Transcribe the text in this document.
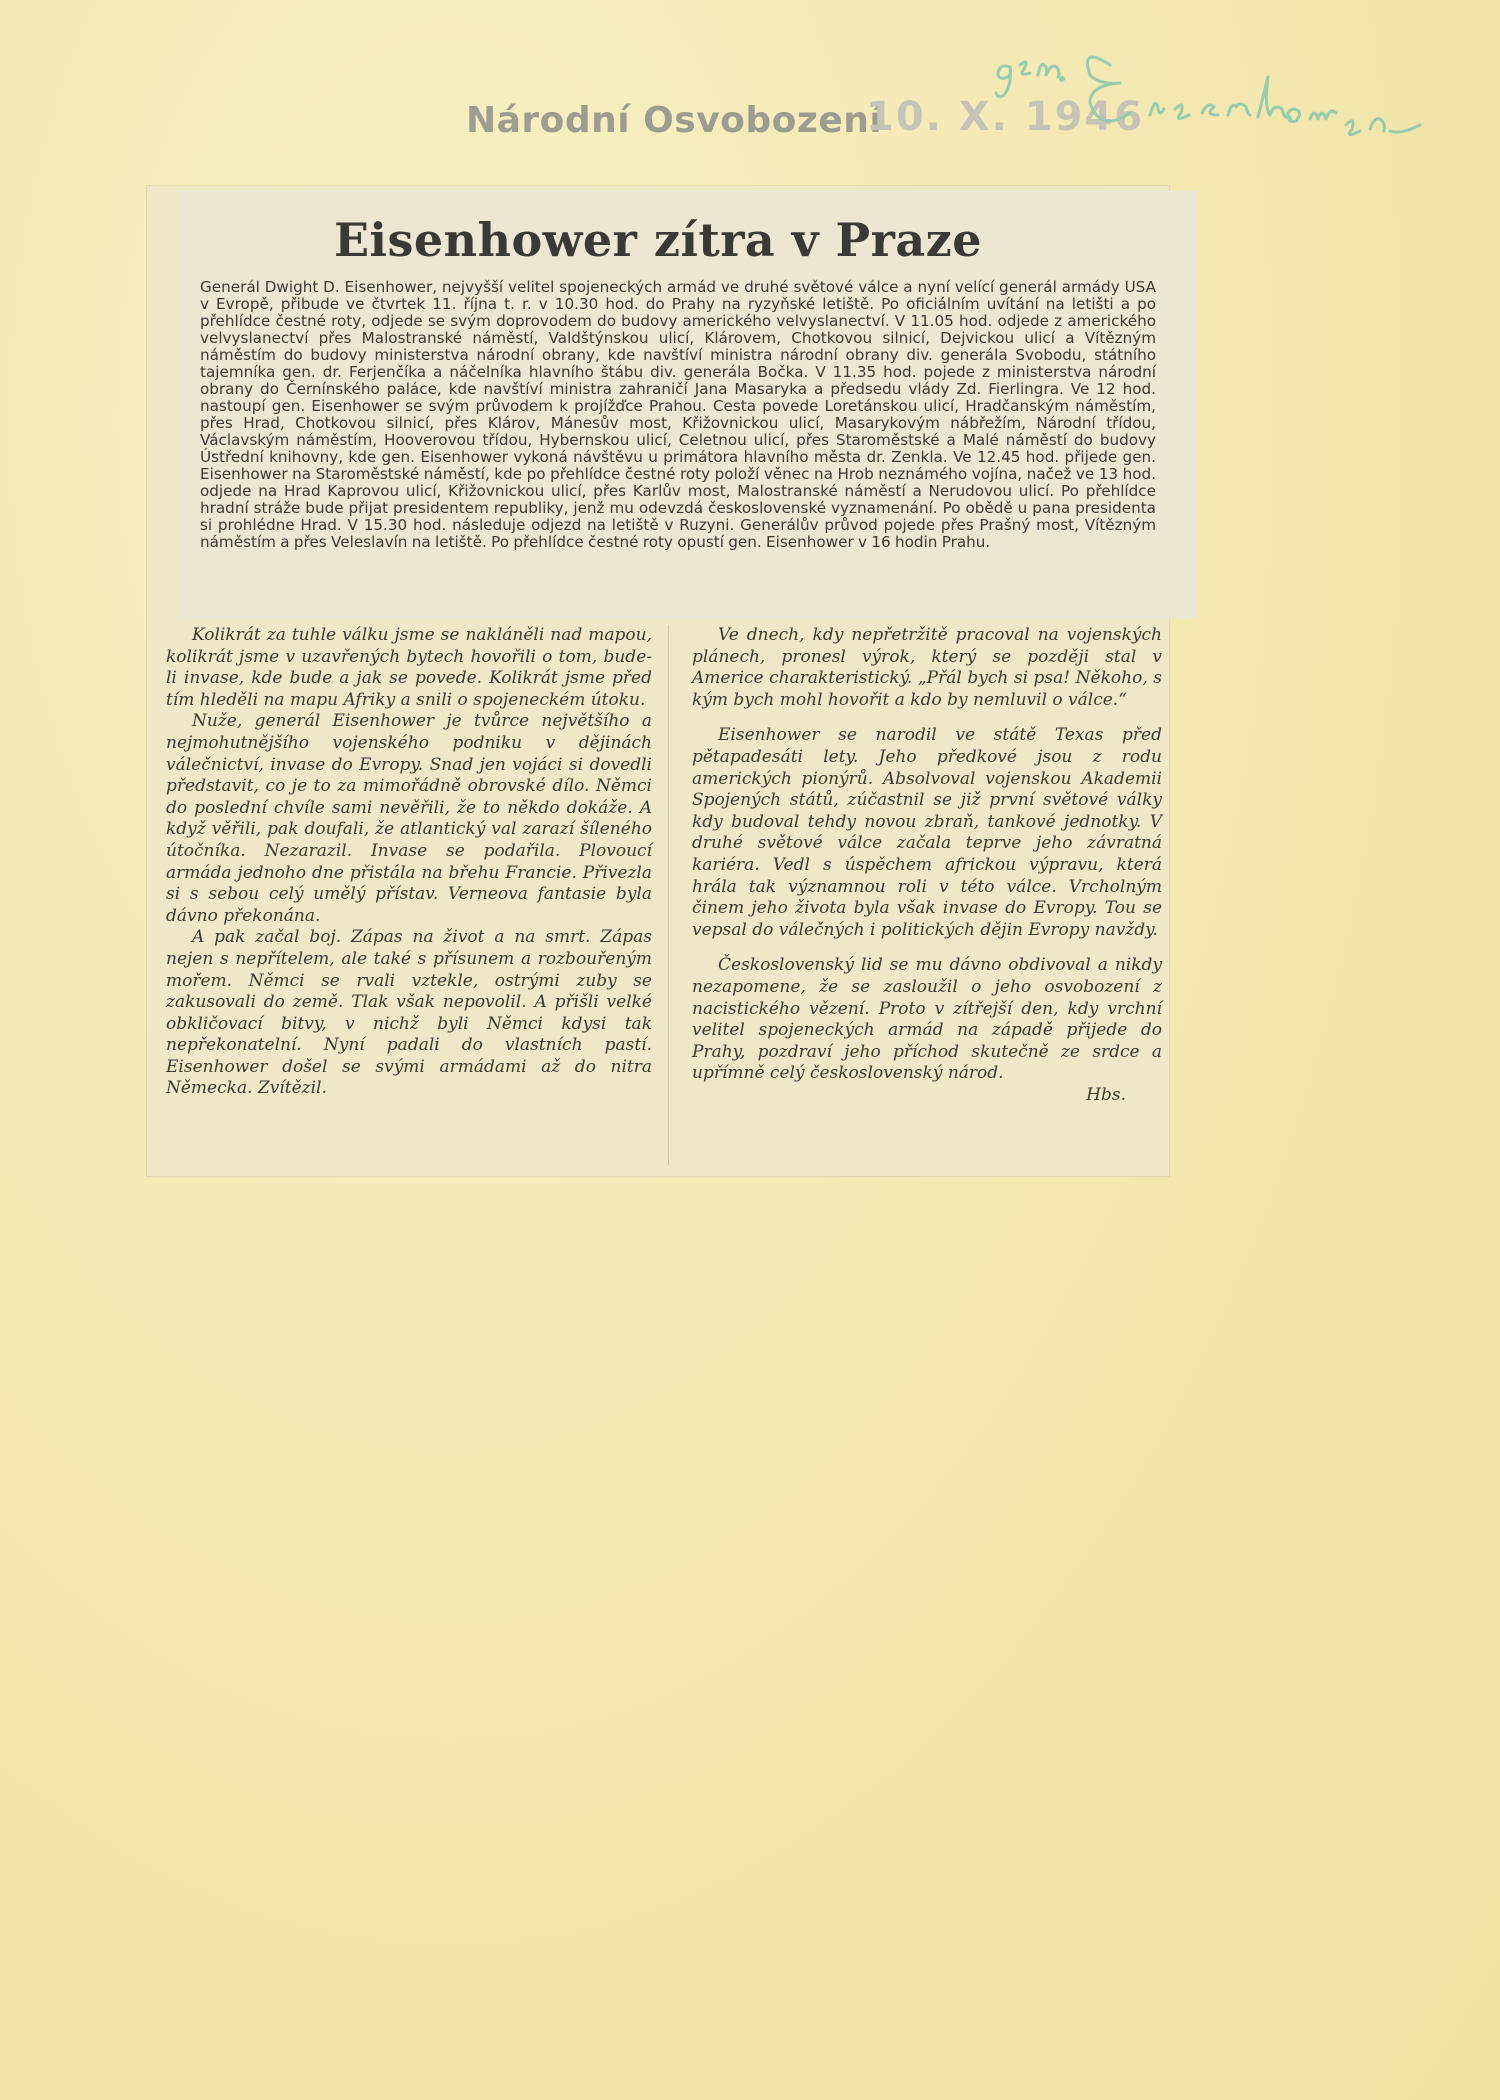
Národní Osvobození
10. X. 1946
Eisenhower zítra v Praze

Generál Dwight D. Eisenhower, nejvyšší velitel spojeneckých armád ve druhé světové válce a nyní velící generál armády USA v Evropě, přibude ve čtvrtek 11. října t. r. v 10.30 hod. do Prahy na ryzyňské letiště. Po oficiálním uvítání na letišti a po přehlídce čestné roty, odjede se svým doprovodem do budovy amerického velvyslanectví. V 11.05 hod. odjede z amerického velvyslanectví přes Malostranské náměstí, Valdštýnskou ulicí, Klárovem, Chotkovou silnicí, Dejvickou ulicí a Vítězným náměstím do budovy ministerstva národní obrany, kde navštíví ministra národní obrany div. generála Svobodu, státního tajemníka gen. dr. Ferjenčíka a náčelníka hlavního štábu div. generála Bočka. V 11.35 hod. pojede z ministerstva národní obrany do Černínského paláce, kde navštíví ministra zahraničí Jana Masaryka a předsedu vlády Zd. Fierlingra. Ve 12 hod. nastoupí gen. Eisenhower se svým průvodem k projížďce Prahou. Cesta povede Loretánskou ulicí, Hradčanským náměstím, přes Hrad, Chotkovou silnicí, přes Klárov, Mánesův most, Křižovnickou ulicí, Masarykovým nábřežím, Národní třídou, Václavským náměstím, Hooverovou třídou, Hybernskou ulicí, Celetnou ulicí, přes Staroměstské a Malé náměstí do budovy Ústřední knihovny, kde gen. Eisenhower vykoná návštěvu u primátora hlavního města dr. Zenkla. Ve 12.45 hod. přijede gen. Eisenhower na Staroměstské náměstí, kde po přehlídce čestné roty položí věnec na Hrob neznámého vojína, načež ve 13 hod. odjede na Hrad Kaprovou ulicí, Křižovnickou ulicí, přes Karlův most, Malostranské náměstí a Nerudovou ulicí. Po přehlídce hradní stráže bude přijat presidentem republiky, jenž mu odevzdá československé vyznamenání. Po obědě u pana presidenta si prohlédne Hrad. V 15.30 hod. následuje odjezd na letiště v Ruzyni. Generálův průvod pojede přes Prašný most, Vítězným náměstím a přes Veleslavín na letiště. Po přehlídce čestné roty opustí gen. Eisenhower v 16 hodin Prahu.

Kolikrát za tuhle válku jsme se nakláněli nad mapou, kolikrát jsme v uzavřených bytech hovořili o tom, bude-li invase, kde bude a jak se povede. Kolikrát jsme před tím hleděli na mapu Afriky a snili o spojeneckém útoku.

Nuže, generál Eisenhower je tvůrce největšího a nejmohutnějšího vojenského podniku v dějinách válečnictví, invase do Evropy. Snad jen vojáci si dovedli představit, co je to za mimořádně obrovské dílo. Němci do poslední chvíle sami nevěřili, že to někdo dokáže. A když věřili, pak doufali, že atlantický val zarazí šíleného útočníka. Nezarazil. Invase se podařila. Plovoucí armáda jednoho dne přistála na břehu Francie. Přivezla si s sebou celý umělý přístav. Verneova fantasie byla dávno překonána.

A pak začal boj. Zápas na život a na smrt. Zápas nejen s nepřítelem, ale také s přísunem a rozbouřeným mořem. Němci se rvali vztekle, ostrými zuby se zakusovali do země. Tlak však nepovolil. A přišli velké obkličovací bitvy, v nichž byli Němci kdysi tak nepřekonatelní. Nyní padali do vlastních pastí. Eisenhower došel se svými armádami až do nitra Německa. Zvítězil.

Ve dnech, kdy nepřetržitě pracoval na vojenských plánech, pronesl výrok, který se později stal v Americe charakteristický. „Přál bych si psa! Někoho, s kým bych mohl hovořit a kdo by nemluvil o válce.“

Eisenhower se narodil ve státě Texas před pětapadesáti lety. Jeho předkové jsou z rodu amerických pionýrů. Absolvoval vojenskou Akademii Spojených států, zúčastnil se již první světové války kdy budoval tehdy novou zbraň, tankové jednotky. V druhé světové válce začala teprve jeho závratná kariéra. Vedl s úspěchem africkou výpravu, která hrála tak významnou roli v této válce. Vrcholným činem jeho života byla však invase do Evropy. Tou se vepsal do válečných i politických dějin Evropy navždy.

Československý lid se mu dávno obdivoval a nikdy nezapomene, že se zasloužil o jeho osvobození z nacistického vězení. Proto v zítřejší den, kdy vrchní velitel spojeneckých armád na západě přijede do Prahy, pozdraví jeho příchod skutečně ze srdce a upřímně celý československý národ.

Hbs.
